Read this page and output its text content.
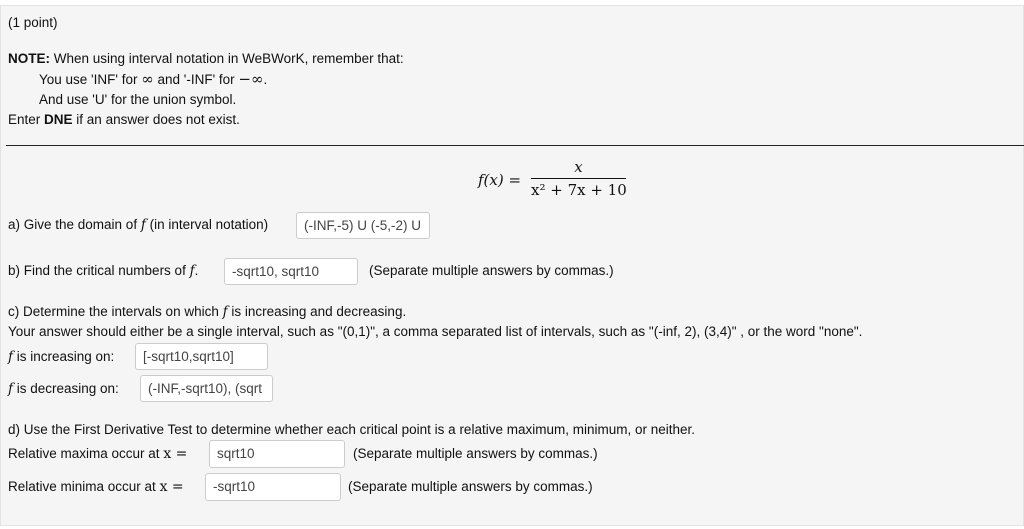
(1 point)
NOTE: When using interval notation in WeBWorK, remember that:
You use 'INF' for ∞ and '-INF' for −∞.
And use 'U' for the union symbol.
Enter DNE if an answer does not exist.
$f(x) = \frac{x}{\text{x² + 7x + 10}}$
a) Give the domain of f (in interval notation)	(-INF,-5) U (-5,-2) U
b) Find the critical numbers of f.	-sqrt10, sqrt10	(Separate multiple answers by commas.)
c) Determine the intervals on which f is increasing and decreasing.
Your answer should either be a single interval, such as "(0,1)", a comma separated list of intervals, such as "(-inf, 2), (3,4)" , or the word "none".
f is increasing on:	[-sqrt10,sqrt10]
f is decreasing on:	(-INF,-sqrt10), (sqrt
d) Use the First Derivative Test to determine whether each critical point is a relative maximum, minimum, or neither.
Relative maxima occur at x =	sqrt10	(Separate multiple answers by commas.)
Relative minima occur at x =	-sqrt10	(Separate multiple answers by commas.)
